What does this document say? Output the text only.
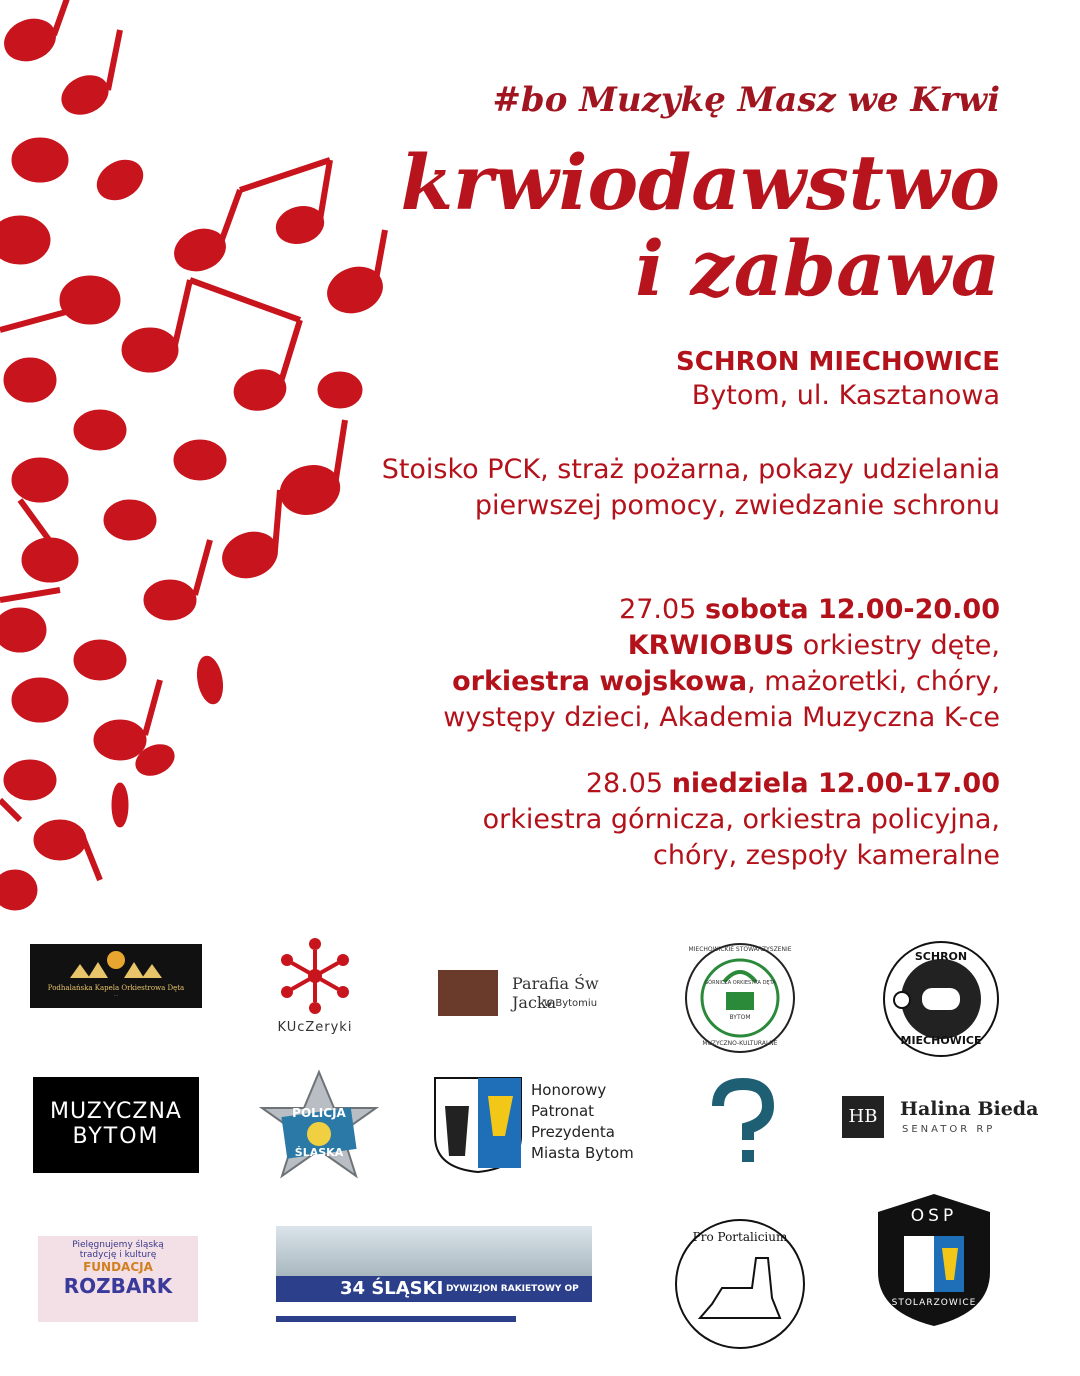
#bo Muzykę Masz we Krwi
krwiodawstwo
i zabawa
SCHRON MIECHOWICE
Bytom, ul. Kasztanowa
Stoisko PCK, straż pożarna, pokazy udzielania pierwszej pomocy, zwiedzanie schronu
27.05 sobota 12.00-20.00
KRWIOBUS orkiestry dęte,
orkiestra wojskowa, mażoretki, chóry,
występy dzieci, Akademia Muzyczna K-ce
28.05 niedziela 12.00-17.00
orkiestra górnicza, orkiestra policyjna,
chóry, zespoły kameralne
Podhalańska Kapela Orkiestrowa Dęta
...
KUcZeryki
Parafia Św Jacka
w Bytomiu
MIECHOWICKIE STOWARZYSZENIE
GÓRNICZA ORKIESTRA DĘTA
BYTOM
MUZYCZNO-KULTURALNE
SCHRON
MIECHOWICE
MUZYCZNA
BYTOM
POLICJA
ŚLĄSKA
Honorowy
Patronat
Prezydenta
Miasta Bytom
HB	Halina Bieda
SENATOR RP
Pielęgnujemy śląską
tradycję i kulturę
FUNDACJA
ROZBARK	34 ŚLĄSKI DYWIZJON RAKIETOWY OP
Pro Portalicium
OSP
STOLARZOWICE
